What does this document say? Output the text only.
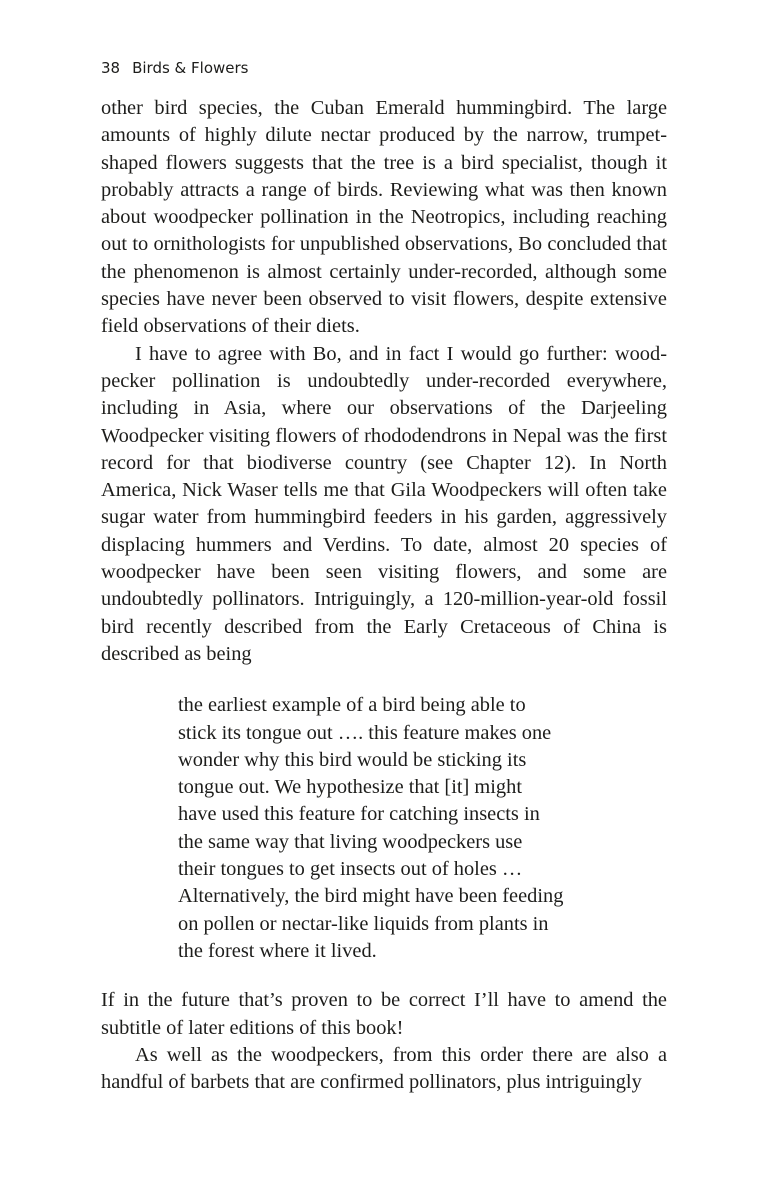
38 Birds & Flowers

other bird species, the Cuban Emerald hummingbird. The large amounts of highly dilute nectar produced by the narrow, trumpet-shaped flowers suggests that the tree is a bird specialist, though it probably attracts a range of birds. Reviewing what was then known about woodpecker pollination in the Neotropics, including reaching out to ornithologists for unpublished observations, Bo concluded that the phenomenon is almost certainly under-recorded, although some species have never been observed to visit flowers, despite extensive field observations of their diets.

I have to agree with Bo, and in fact I would go further: woodpecker pollination is undoubtedly under-recorded everywhere, including in Asia, where our observations of the Darjeeling Woodpecker visiting flowers of rhododendrons in Nepal was the first record for that biodiverse country (see Chapter 12). In North America, Nick Waser tells me that Gila Woodpeckers will often take sugar water from hummingbird feeders in his garden, aggressively displacing hummers and Verdins. To date, almost 20 species of woodpecker have been seen visiting flowers, and some are undoubtedly pollinators. Intriguingly, a 120-million-year-old fossil bird recently described from the Early Cretaceous of China is described as being

the earliest example of a bird being able to
stick its tongue out …. this feature makes one
wonder why this bird would be sticking its
tongue out. We hypothesize that [it] might
have used this feature for catching insects in
the same way that living woodpeckers use
their tongues to get insects out of holes …
Alternatively, the bird might have been feeding
on pollen or nectar-like liquids from plants in
the forest where it lived.

If in the future that’s proven to be correct I’ll have to amend the subtitle of later editions of this book!

As well as the woodpeckers, from this order there are also a handful of barbets that are confirmed pollinators, plus intriguingly
